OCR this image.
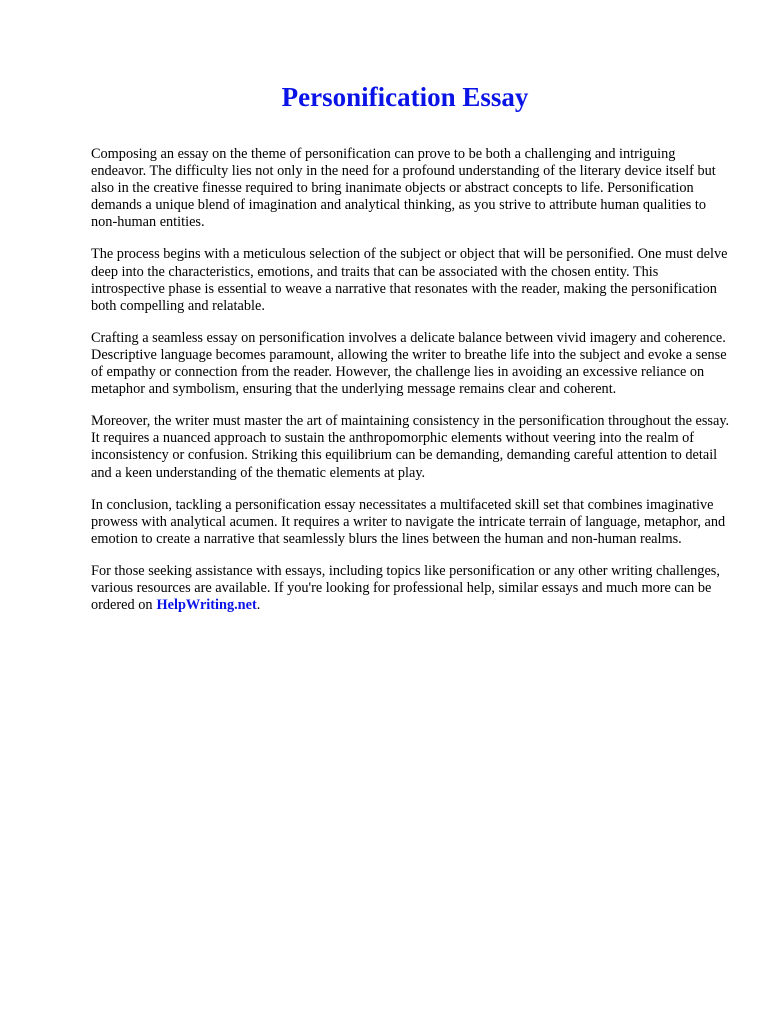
Personification Essay

Composing an essay on the theme of personification can prove to be both a challenging and intriguing endeavor. The difficulty lies not only in the need for a profound understanding of the literary device itself but also in the creative finesse required to bring inanimate objects or abstract concepts to life. Personification demands a unique blend of imagination and analytical thinking, as you strive to attribute human qualities to non-human entities.

The process begins with a meticulous selection of the subject or object that will be personified. One must delve deep into the characteristics, emotions, and traits that can be associated with the chosen entity. This introspective phase is essential to weave a narrative that resonates with the reader, making the personification both compelling and relatable.

Crafting a seamless essay on personification involves a delicate balance between vivid imagery and coherence. Descriptive language becomes paramount, allowing the writer to breathe life into the subject and evoke a sense of empathy or connection from the reader. However, the challenge lies in avoiding an excessive reliance on metaphor and symbolism, ensuring that the underlying message remains clear and coherent.

Moreover, the writer must master the art of maintaining consistency in the personification throughout the essay. It requires a nuanced approach to sustain the anthropomorphic elements without veering into the realm of inconsistency or confusion. Striking this equilibrium can be demanding, demanding careful attention to detail and a keen understanding of the thematic elements at play.

In conclusion, tackling a personification essay necessitates a multifaceted skill set that combines imaginative prowess with analytical acumen. It requires a writer to navigate the intricate terrain of language, metaphor, and emotion to create a narrative that seamlessly blurs the lines between the human and non-human realms.

For those seeking assistance with essays, including topics like personification or any other writing challenges, various resources are available. If you're looking for professional help, similar essays and much more can be ordered on HelpWriting.net.
